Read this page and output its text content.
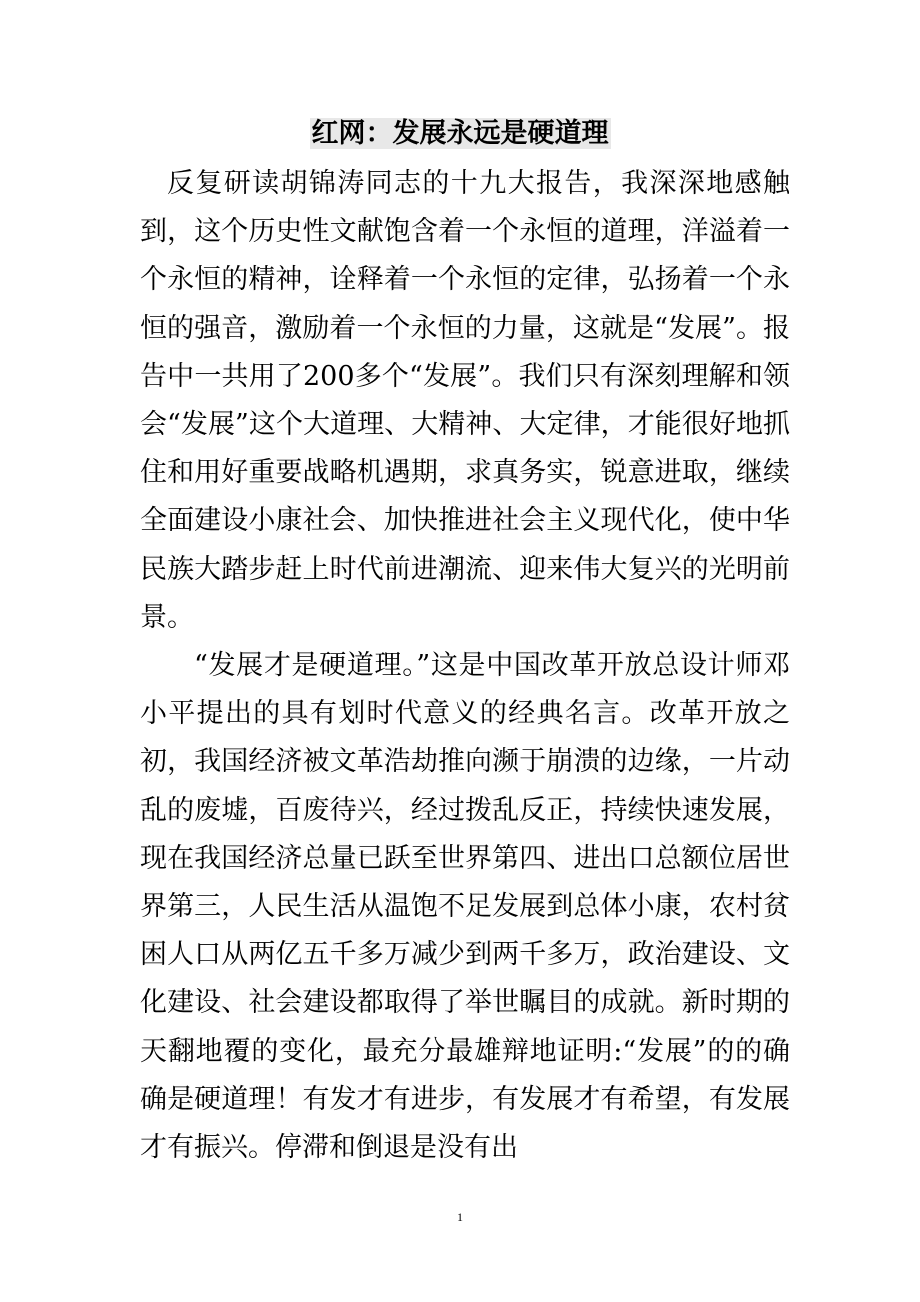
红网：发展永远是硬道理

反复研读胡锦涛同志的十九大报告，我深深地感触到，这个历史性文献饱含着一个永恒的道理，洋溢着一个永恒的精神，诠释着一个永恒的定律，弘扬着一个永恒的强音，激励着一个永恒的力量，这就是“发展”。报告中一共用了200多个“发展”。我们只有深刻理解和领会“发展”这个大道理、大精神、大定律，才能很好地抓住和用好重要战略机遇期，求真务实，锐意进取，继续全面建设小康社会、加快推进社会主义现代化，使中华民族大踏步赶上时代前进潮流、迎来伟大复兴的光明前景。

“发展才是硬道理。”这是中国改革开放总设计师邓小平提出的具有划时代意义的经典名言。改革开放之初，我国经济被文革浩劫推向濒于崩溃的边缘，一片动乱的废墟，百废待兴，经过拨乱反正，持续快速发展，现在我国经济总量已跃至世界第四、进出口总额位居世界第三，人民生活从温饱不足发展到总体小康，农村贫困人口从两亿五千多万减少到两千多万，政治建设、文化建设、社会建设都取得了举世瞩目的成就。新时期的天翻地覆的变化，最充分最雄辩地证明:“发展”的的确确是硬道理！有发才有进步，有发展才有希望，有发展才有振兴。停滞和倒退是没有出

1
